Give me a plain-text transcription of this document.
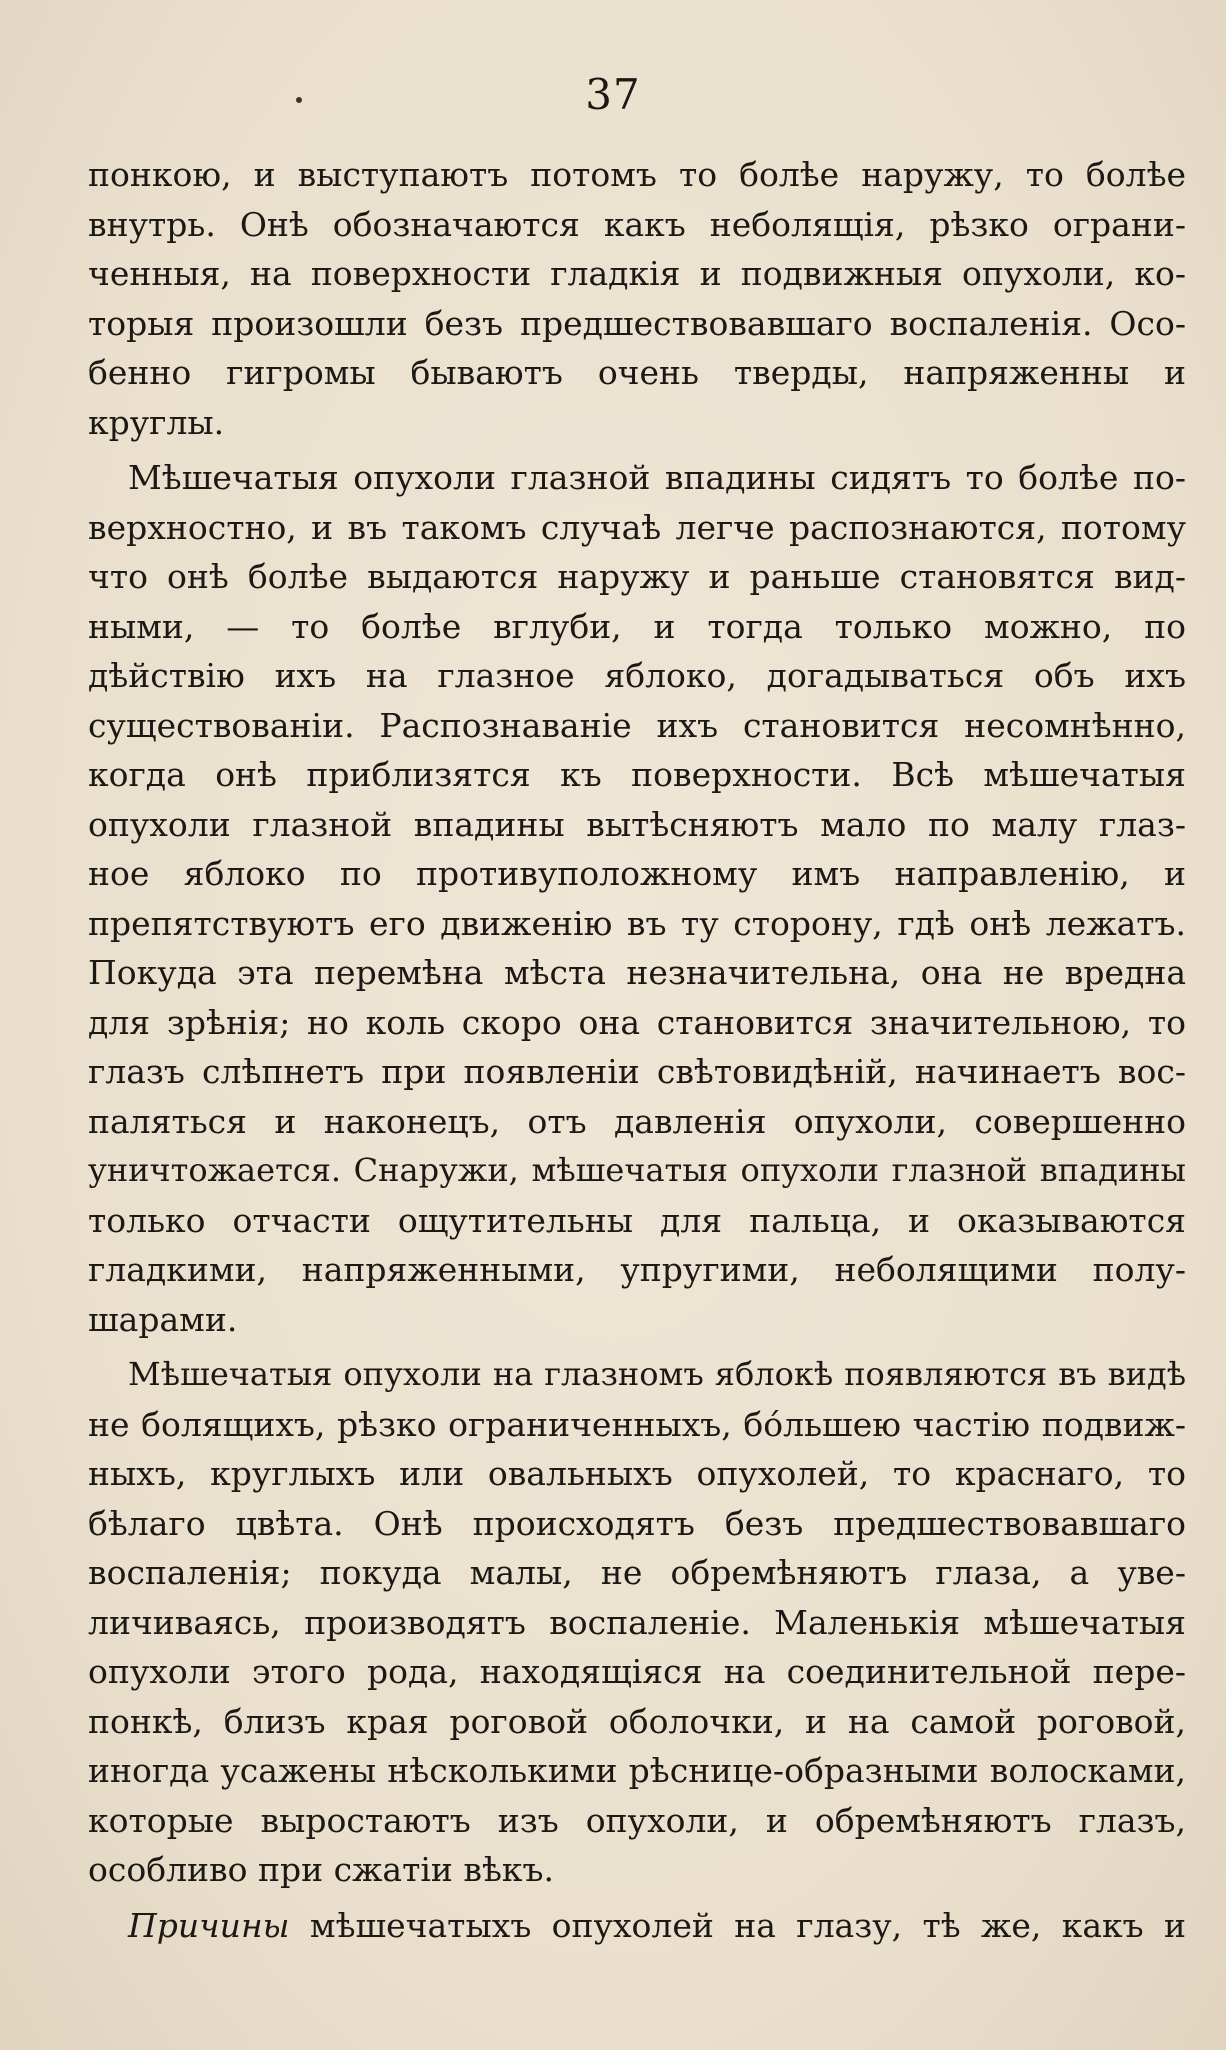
37
понкою, и выступаютъ потомъ то болѣе наружу, то болѣе
внутрь. Онѣ обозначаются какъ неболящія, рѣзко ограни-
ченныя, на поверхности гладкія и подвижныя опухоли, ко-
торыя произошли безъ предшествовавшаго воспаленія. Осо-
бенно гигромы бываютъ очень тверды, напряженны и
круглы.
Мѣшечатыя опухоли глазной впадины сидятъ то болѣе по-
верхностно, и въ такомъ случаѣ легче распознаются, потому
что онѣ болѣе выдаются наружу и раньше становятся вид-
ными, — то болѣе вглуби, и тогда только можно, по
дѣйствію ихъ на глазное яблоко, догадываться объ ихъ
существованіи. Распознаваніе ихъ становится несомнѣнно,
когда онѣ приблизятся къ поверхности. Всѣ мѣшечатыя
опухоли глазной впадины вытѣсняютъ мало по малу глаз-
ное яблоко по противуположному имъ направленію, и
препятствуютъ его движенію въ ту сторону, гдѣ онѣ лежатъ.
Покуда эта перемѣна мѣста незначительна, она не вредна
для зрѣнія; но коль скоро она становится значительною, то
глазъ слѣпнетъ при появленіи свѣтовидѣній, начинаетъ вос-
паляться и наконецъ, отъ давленія опухоли, совершенно
уничтожается. Снаружи, мѣшечатыя опухоли глазной впадины
только отчасти ощутительны для пальца, и оказываются
гладкими, напряженными, упругими, неболящими полу-
шарами.
Мѣшечатыя опухоли на глазномъ яблокѣ появляются въ видѣ
не болящихъ, рѣзко ограниченныхъ, бо́льшею частію подвиж-
ныхъ, круглыхъ или овальныхъ опухолей, то краснаго, то
бѣлаго цвѣта. Онѣ происходятъ безъ предшествовавшаго
воспаленія; покуда малы, не обремѣняютъ глаза, а уве-
личиваясь, производятъ воспаленіе. Маленькія мѣшечатыя
опухоли этого рода, находящіяся на соединительной пере-
понкѣ, близъ края роговой оболочки, и на самой роговой,
иногда усажены нѣсколькими рѣсницe-образными волосками,
которые выростаютъ изъ опухоли, и обремѣняютъ глазъ,
особливо при сжатіи вѣкъ.
Причины мѣшечатыхъ опухолей на глазу, тѣ же, какъ и
